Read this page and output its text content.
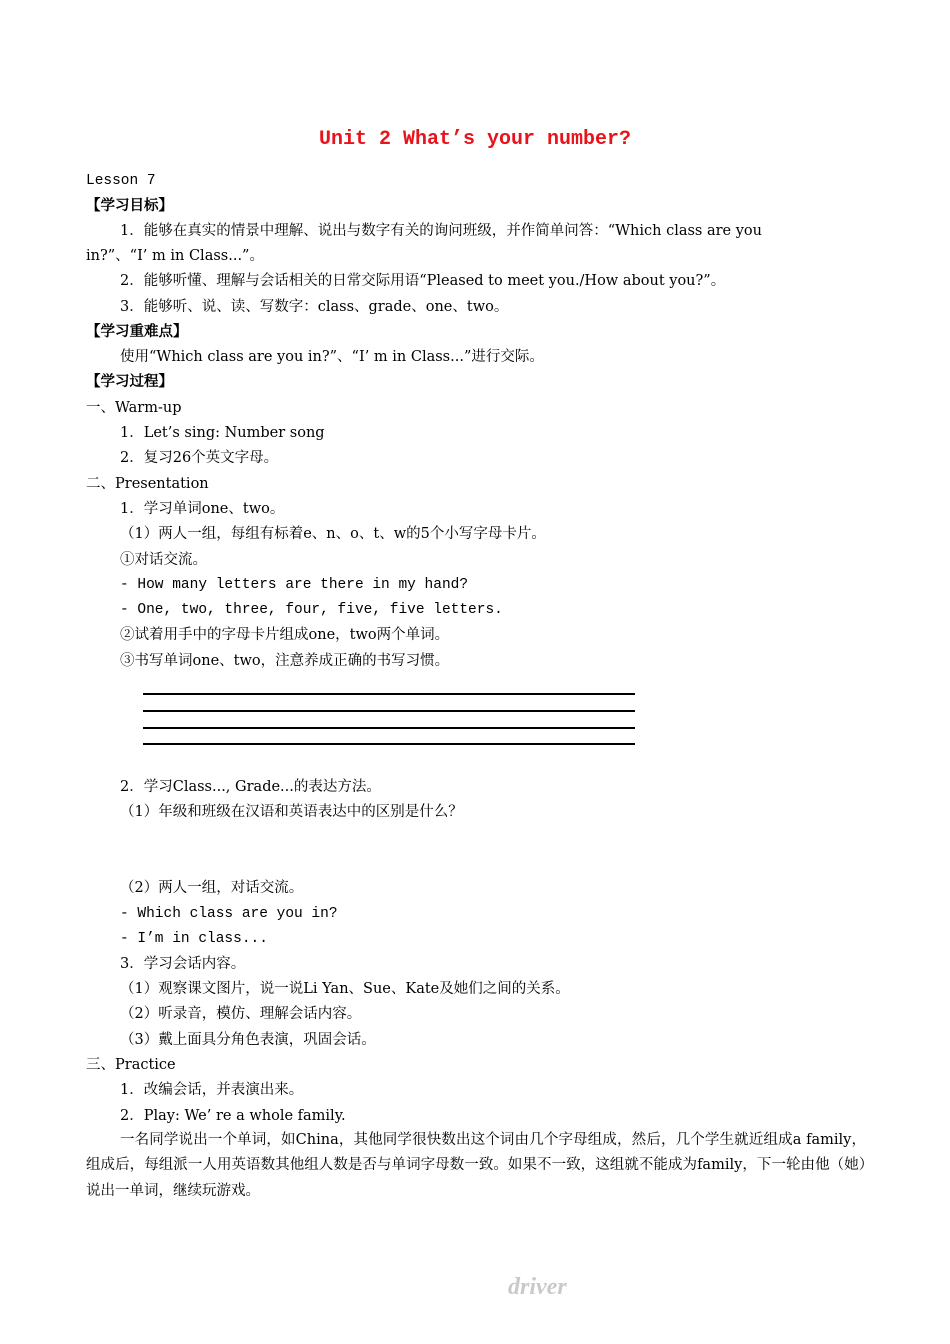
Unit 2 What’s your number?
Lesson 7
【学习目标】
1．能够在真实的情景中理解、说出与数字有关的询问班级，并作简单问答：“Which class are you
in?”、“I’ m in Class...”。
2．能够听懂、理解与会话相关的日常交际用语“Pleased to meet you./How about you?”。
3．能够听、说、读、写数字：class、grade、one、two。
【学习重难点】
使用“Which class are you in?”、“I’ m in Class...”进行交际。
【学习过程】
一、Warm-up
1．Let’s sing: Number song
2．复习26个英文字母。
二、Presentation
1．学习单词one、two。
（1）两人一组，每组有标着e、n、o、t、w的5个小写字母卡片。
①对话交流。
- How many letters are there in my hand?
- One, two, three, four, five, five letters.
②试着用手中的字母卡片组成one，two两个单词。
③书写单词one、two，注意养成正确的书写习惯。
2．学习Class..., Grade...的表达方法。
（1）年级和班级在汉语和英语表达中的区别是什么？
（2）两人一组，对话交流。
- Which class are you in?
- I’m in class...
3．学习会话内容。
（1）观察课文图片，说一说Li Yan、Sue、Kate及她们之间的关系。
（2）听录音，模仿、理解会话内容。
（3）戴上面具分角色表演，巩固会话。
三、Practice
1．改编会话，并表演出来。
2．Play: We’ re a whole family.
一名同学说出一个单词，如China，其他同学很快数出这个词由几个字母组成，然后，几个学生就近组成a family，组成后，每组派一人用英语数其他组人数是否与单词字母数一致。如果不一致，这组就不能成为family，下一轮由他（她）说出一单词，继续玩游戏。
driver
